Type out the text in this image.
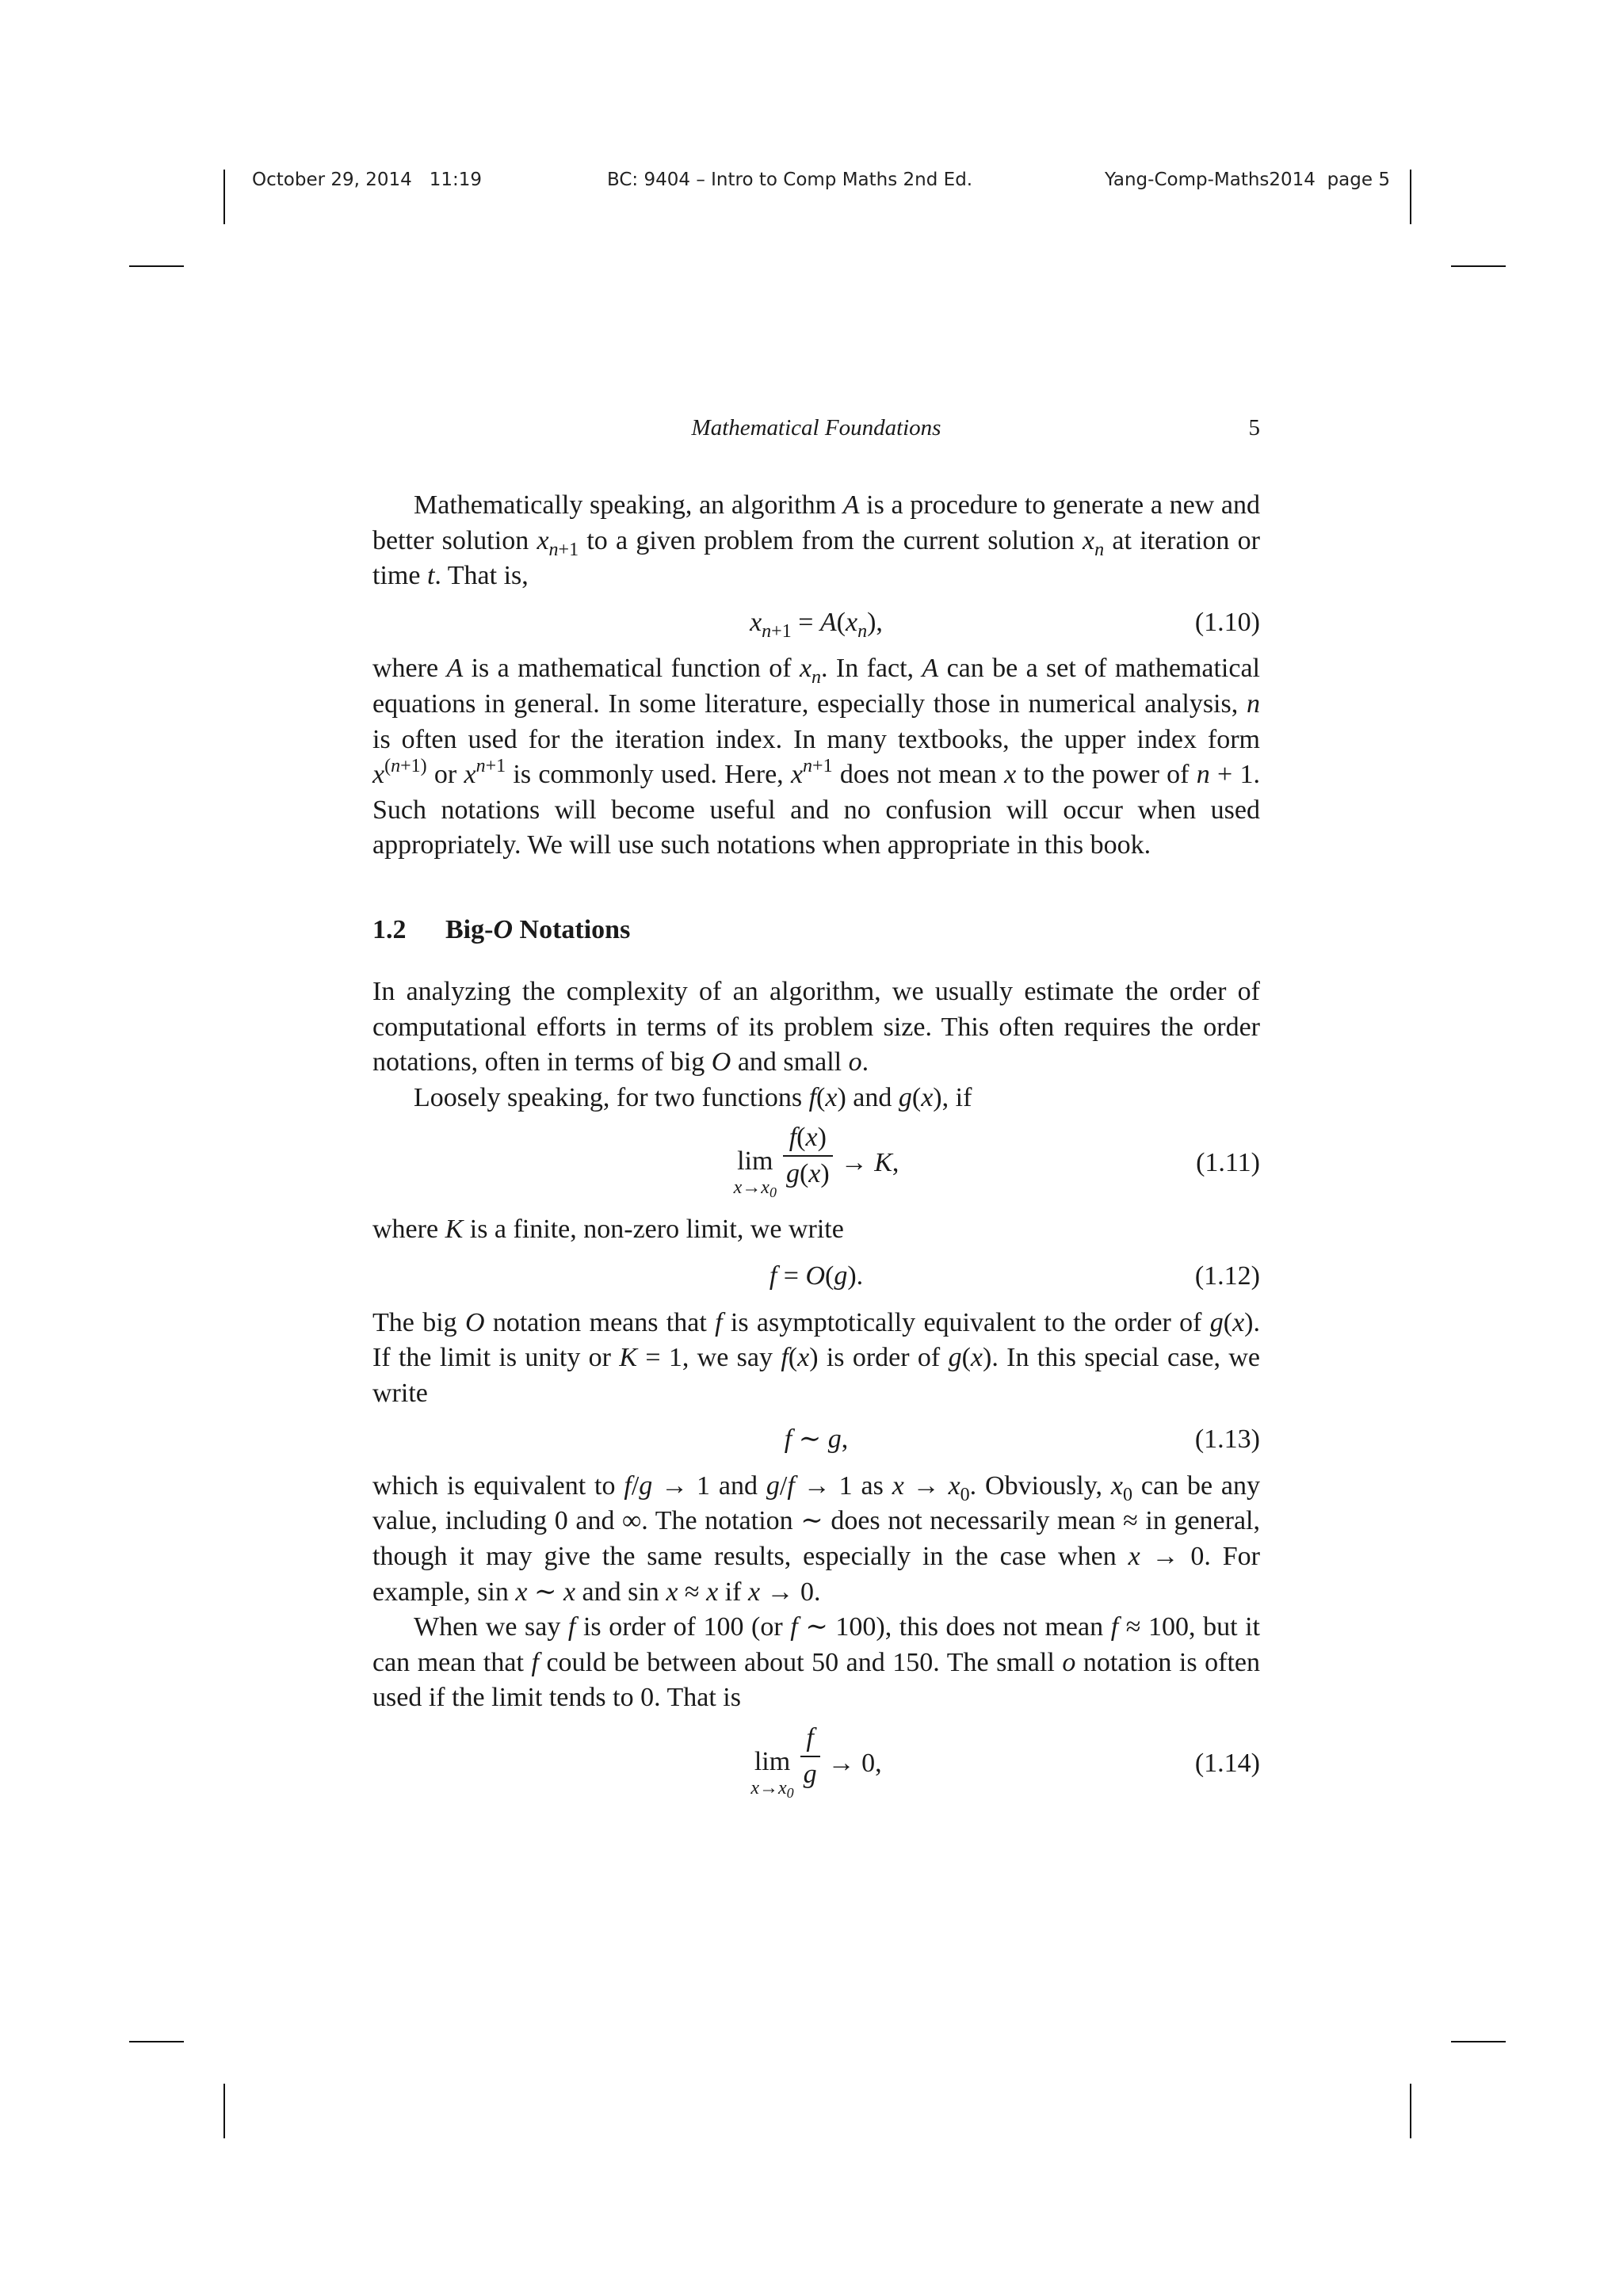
October 29, 2014 11:19	BC: 9404 – Intro to Comp Maths 2nd Ed.	Yang-Comp-Maths2014 page 5
Mathematical Foundations	5

Mathematically speaking, an algorithm A is a procedure to generate a new and better solution $x_{n+1}$ to a given problem from the current solution $x_n$ at iteration or time t. That is,

$x_{n+1} = A(x_n)$,	(1.10)

where A is a mathematical function of $x_n$. In fact, A can be a set of mathematical equations in general. In some literature, especially those in numerical analysis, n is often used for the iteration index. In many textbooks, the upper index form $x^{(n+1)}$ or $x^{n+1}$ is commonly used. Here, $x^{n+1}$ does not mean x to the power of n + 1. Such notations will become useful and no confusion will occur when used appropriately. We will use such notations when appropriate in this book.

1.2 Big-O Notations

In analyzing the complexity of an algorithm, we usually estimate the order of computational efforts in terms of its problem size. This often requires the order notations, often in terms of big O and small o.

Loosely speaking, for two functions f(x) and g(x), if

lim
$x\to x_0$
$\frac{f(x)}{g(x)} \to K$,	(1.11)

where K is a finite, non-zero limit, we write

f = O(g).	(1.12)

The big O notation means that f is asymptotically equivalent to the order of g(x). If the limit is unity or K = 1, we say f(x) is order of g(x). In this special case, we write

f ∼ g,	(1.13)

which is equivalent to f/g → 1 and g/f → 1 as $x \to x_0$. Obviously, $x_0$ can be any value, including 0 and ∞. The notation ∼ does not necessarily mean ≈ in general, though it may give the same results, especially in the case when x → 0. For example, sin x ∼ x and sin x ≈ x if x → 0.

When we say f is order of 100 (or f ∼ 100), this does not mean f ≈ 100, but it can mean that f could be between about 50 and 150. The small o notation is often used if the limit tends to 0. That is

lim
$x\to x_0$
$\frac{f}{g} \to 0$,	(1.14)
